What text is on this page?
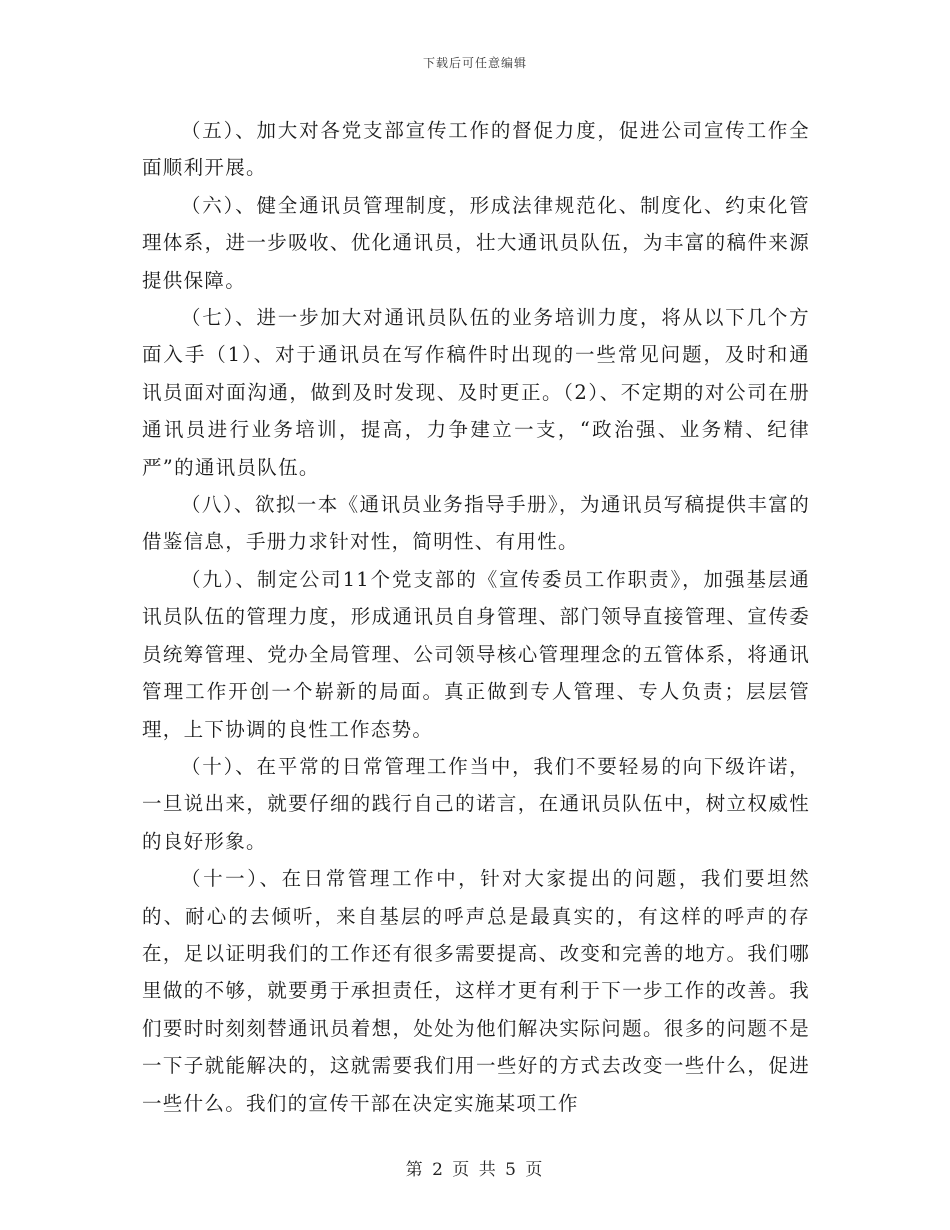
下载后可任意编辑

（五）、加大对各党支部宣传工作的督促力度，促进公司宣传工作全面顺利开展。

（六）、健全通讯员管理制度，形成法律规范化、制度化、约束化管理体系，进一步吸收、优化通讯员，壮大通讯员队伍，为丰富的稿件来源提供保障。

（七）、进一步加大对通讯员队伍的业务培训力度，将从以下几个方面入手（1）、对于通讯员在写作稿件时出现的一些常见问题，及时和通讯员面对面沟通，做到及时发现、及时更正。（2）、不定期的对公司在册通讯员进行业务培训，提高，力争建立一支，“政治强、业务精、纪律严”的通讯员队伍。

（八）、欲拟一本《通讯员业务指导手册》，为通讯员写稿提供丰富的借鉴信息，手册力求针对性，简明性、有用性。

（九）、制定公司11个党支部的《宣传委员工作职责》，加强基层通讯员队伍的管理力度，形成通讯员自身管理、部门领导直接管理、宣传委员统筹管理、党办全局管理、公司领导核心管理理念的五管体系，将通讯管理工作开创一个崭新的局面。真正做到专人管理、专人负责；层层管理，上下协调的良性工作态势。

（十）、在平常的日常管理工作当中，我们不要轻易的向下级许诺，一旦说出来，就要仔细的践行自己的诺言，在通讯员队伍中，树立权威性的良好形象。

（十一）、在日常管理工作中，针对大家提出的问题，我们要坦然的、耐心的去倾听，来自基层的呼声总是最真实的，有这样的呼声的存在，足以证明我们的工作还有很多需要提高、改变和完善的地方。我们哪里做的不够，就要勇于承担责任，这样才更有利于下一步工作的改善。我们要时时刻刻替通讯员着想，处处为他们解决实际问题。很多的问题不是一下子就能解决的，这就需要我们用一些好的方式去改变一些什么，促进一些什么。我们的宣传干部在决定实施某项工作

第 2 页 共 5 页
